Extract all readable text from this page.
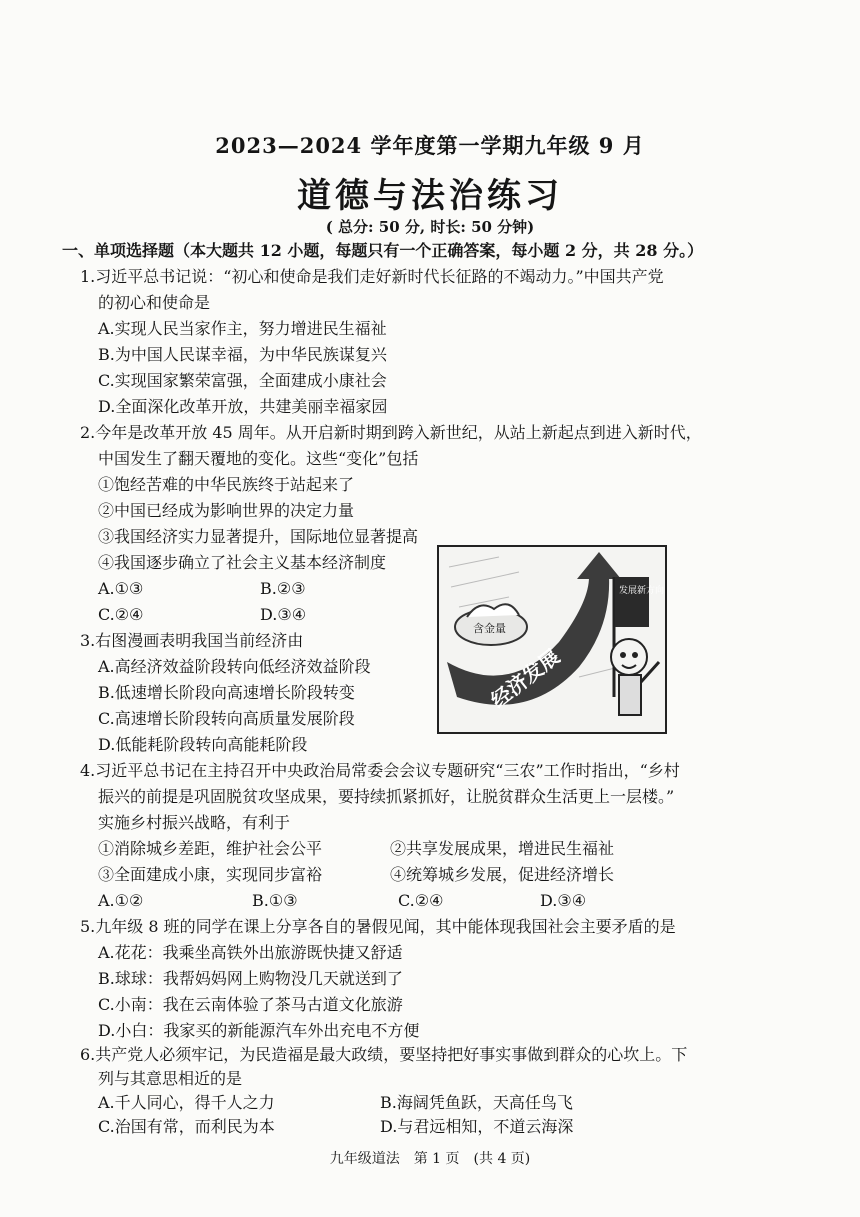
2023—2024 学年度第一学期九年级 9 月
道德与法治练习
( 总分: 50 分, 时长: 50 分钟)
一、单项选择题（本大题共 12 小题，每题只有一个正确答案，每小题 2 分，共 28 分。）
1.习近平总书记说：“初心和使命是我们走好新时代长征路的不竭动力。”中国共产党
的初心和使命是
A.实现人民当家作主，努力增进民生福祉
B.为中国人民谋幸福，为中华民族谋复兴
C.实现国家繁荣富强，全面建成小康社会
D.全面深化改革开放，共建美丽幸福家园
2.今年是改革开放 45 周年。从开启新时期到跨入新世纪，从站上新起点到进入新时代，
中国发生了翻天覆地的变化。这些“变化”包括
①饱经苦难的中华民族终于站起来了
②中国已经成为影响世界的决定力量
③我国经济实力显著提升，国际地位显著提高
④我国逐步确立了社会主义基本经济制度
A.①③	B.②③
C.②④	D.③④
含金量
经济发展
发展新方向
3.右图漫画表明我国当前经济由
A.高经济效益阶段转向低经济效益阶段
B.低速增长阶段向高速增长阶段转变
C.高速增长阶段转向高质量发展阶段
D.低能耗阶段转向高能耗阶段
4.习近平总书记在主持召开中央政治局常委会会议专题研究“三农”工作时指出，“乡村
振兴的前提是巩固脱贫攻坚成果，要持续抓紧抓好，让脱贫群众生活更上一层楼。”
实施乡村振兴战略，有利于
①消除城乡差距，维护社会公平	②共享发展成果，增进民生福祉
③全面建成小康，实现同步富裕	④统筹城乡发展，促进经济增长
A.①②	B.①③	C.②④	D.③④
5.九年级 8 班的同学在课上分享各自的暑假见闻，其中能体现我国社会主要矛盾的是
A.花花：我乘坐高铁外出旅游既快捷又舒适
B.球球：我帮妈妈网上购物没几天就送到了
C.小南：我在云南体验了茶马古道文化旅游
D.小白：我家买的新能源汽车外出充电不方便
6.共产党人必须牢记，为民造福是最大政绩，要坚持把好事实事做到群众的心坎上。下
列与其意思相近的是
A.千人同心，得千人之力	B.海阔凭鱼跃，天高任鸟飞
C.治国有常，而利民为本	D.与君远相知，不道云海深
九年级道法　第 1 页　(共 4 页)
